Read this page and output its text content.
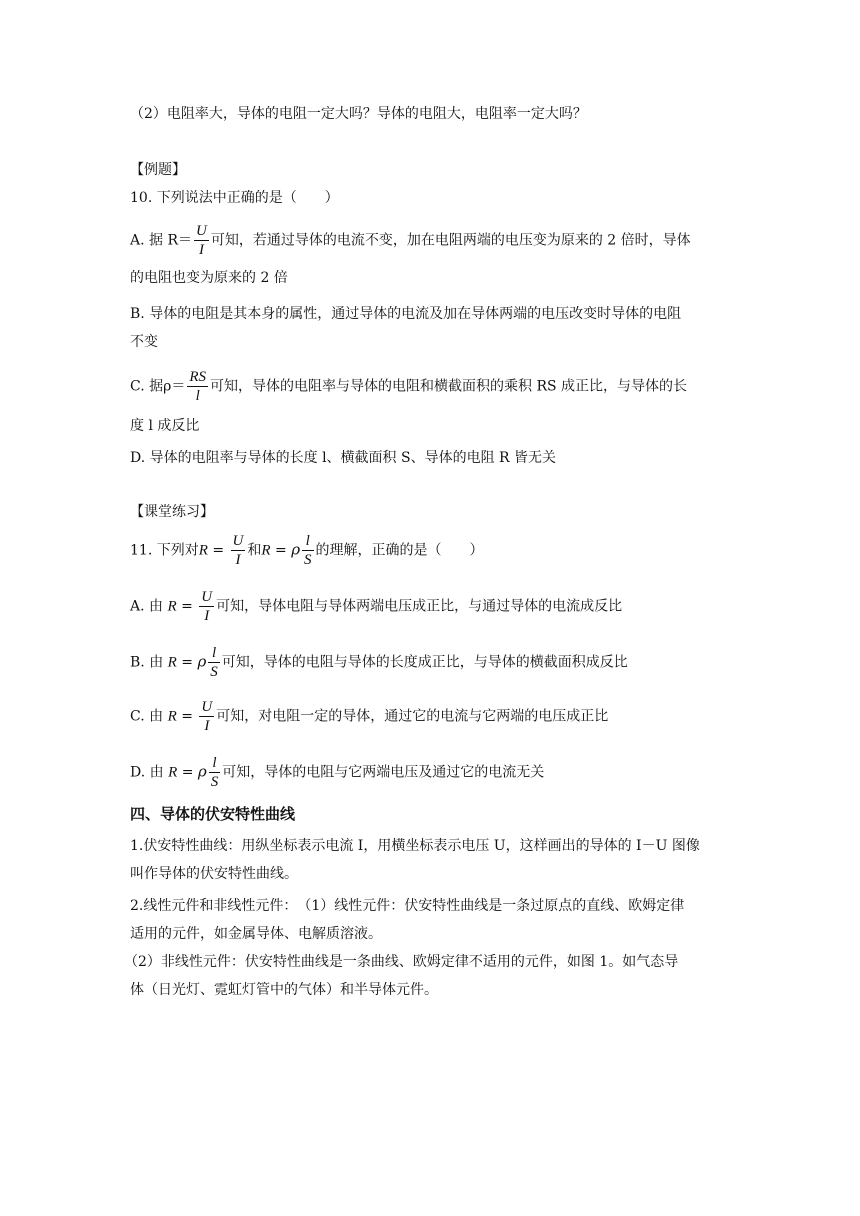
（2）电阻率大，导体的电阻一定大吗？导体的电阻大，电阻率一定大吗？
【例题】
10. 下列说法中正确的是（　　）
A. 据 $R= \frac{U}{I}$ 可知，若通过导体的电流不变，加在电阻两端的电压变为原来的 2 倍时，导体
的电阻也变为原来的 2 倍
B. 导体的电阻是其本身的属性，通过导体的电流及加在导体两端的电压改变时导体的电阻
不变
C. 据$\rho= \frac{RS}{l}$ 可知，导体的电阻率与导体的电阻和横截面积的乘积 RS 成正比，与导体的长
度 l 成反比
D. 导体的电阻率与导体的长度 l、横截面积 S、导体的电阻 R 皆无关
【课堂练习】
11. 下列对$R = \frac{U}{I}$ 和R = ρ $\frac{l}{S}$ 的理解，正确的是（　　）
A. 由 $R = \frac{U}{I}$ 可知，导体电阻与导体两端电压成正比，与通过导体的电流成反比
B. 由 R = ρ $\frac{l}{S}$ 可知，导体的电阻与导体的长度成正比，与导体的横截面积成反比
C. 由 $R = \frac{U}{I}$ 可知，对电阻一定的导体，通过它的电流与它两端的电压成正比
D. 由 R = ρ $\frac{l}{S}$ 可知，导体的电阻与它两端电压及通过它的电流无关
四、导体的伏安特性曲线
1.伏安特性曲线：用纵坐标表示电流 I，用横坐标表示电压 U，这样画出的导体的 I－U 图像
叫作导体的伏安特性曲线。
2.线性元件和非线性元件：　（1）线性元件：伏安特性曲线是一条过原点的直线、欧姆定律
适用的元件，如金属导体、电解质溶液。
（2）非线性元件：伏安特性曲线是一条曲线、欧姆定律不适用的元件，如图 1。如气态导
体（日光灯、霓虹灯管中的气体）和半导体元件。
